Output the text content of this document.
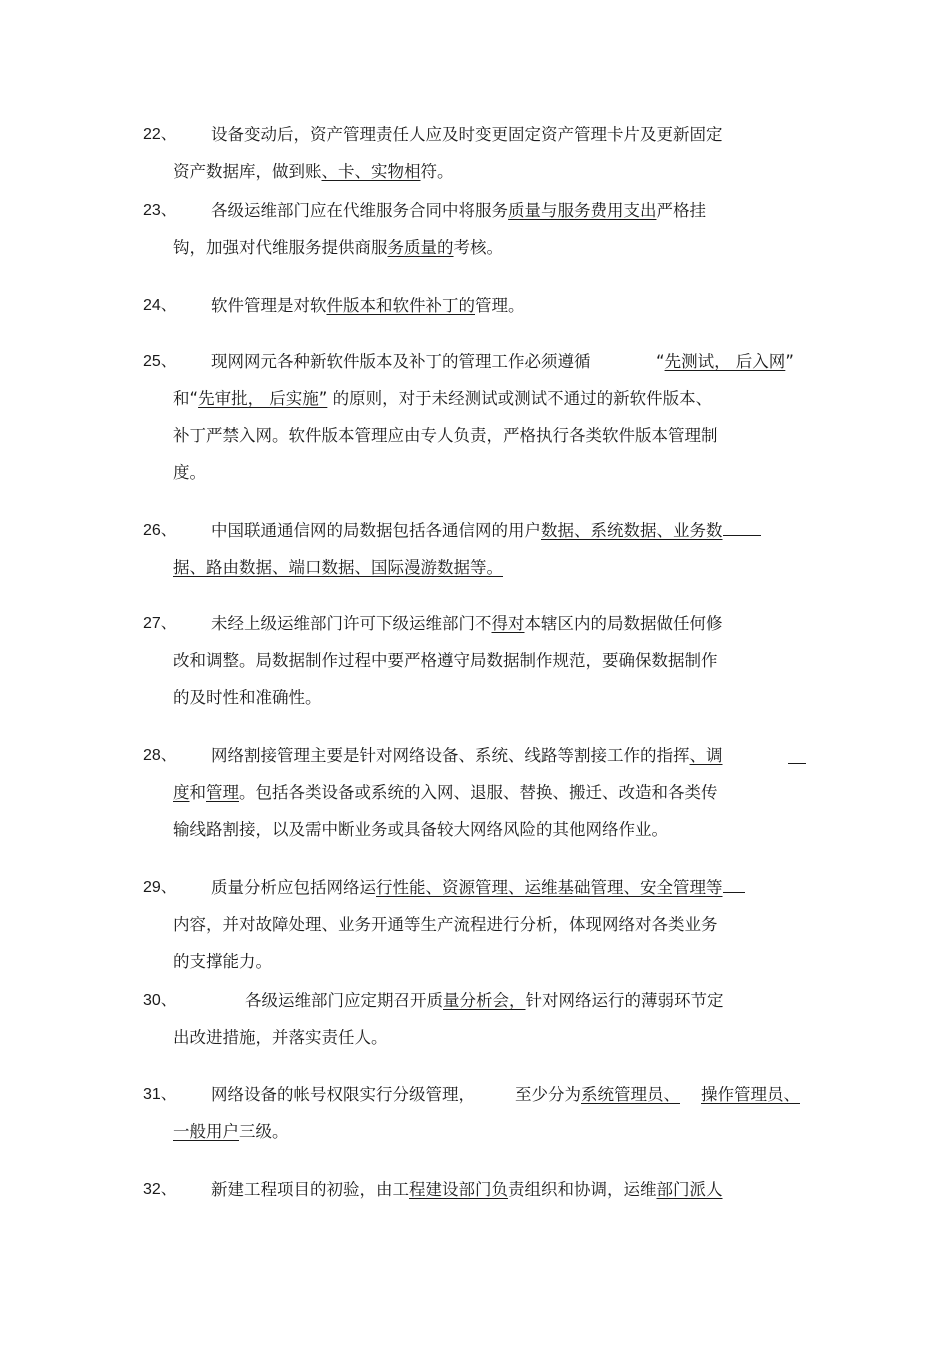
22、 设备变动后，资产管理责任人应及时变更固定资产管理卡片及更新固定
资产数据库，做到账、卡、实物相符。
23、 各级运维部门应在代维服务合同中将服务质量与服务费用支出严格挂
钩，加强对代维服务提供商服务质量的考核。
24、 软件管理是对软件版本和软件补丁的管理。
25、 现网网元各种新软件版本及补丁的管理工作必须遵循	“先测试， 后入网”
和“先审批， 后实施” 的原则，对于未经测试或测试不通过的新软件版本、
补丁严禁入网。软件版本管理应由专人负责，严格执行各类软件版本管理制
度。
26、 中国联通通信网的局数据包括各通信网的用户数据、系统数据、业务数
据、路由数据、端口数据、国际漫游数据等。
27、 未经上级运维部门许可下级运维部门不得对本辖区内的局数据做任何修
改和调整。局数据制作过程中要严格遵守局数据制作规范，要确保数据制作
的及时性和准确性。
28、 网络割接管理主要是针对网络设备、系统、线路等割接工作的指挥、调
度和管理。包括各类设备或系统的入网、退服、替换、搬迁、改造和各类传
输线路割接，以及需中断业务或具备较大网络风险的其他网络作业。
29、 质量分析应包括网络运行性能、资源管理、运维基础管理、安全管理等
内容，并对故障处理、业务开通等生产流程进行分析，体现网络对各类业务
的支撑能力。
30、	各级运维部门应定期召开质量分析会，针对网络运行的薄弱环节定
出改进措施，并落实责任人。
31、 网络设备的帐号权限实行分级管理， 至少分为系统管理员、 操作管理员、
一般用户三级。
32、 新建工程项目的初验，由工程建设部门负责组织和协调，运维部门派人
